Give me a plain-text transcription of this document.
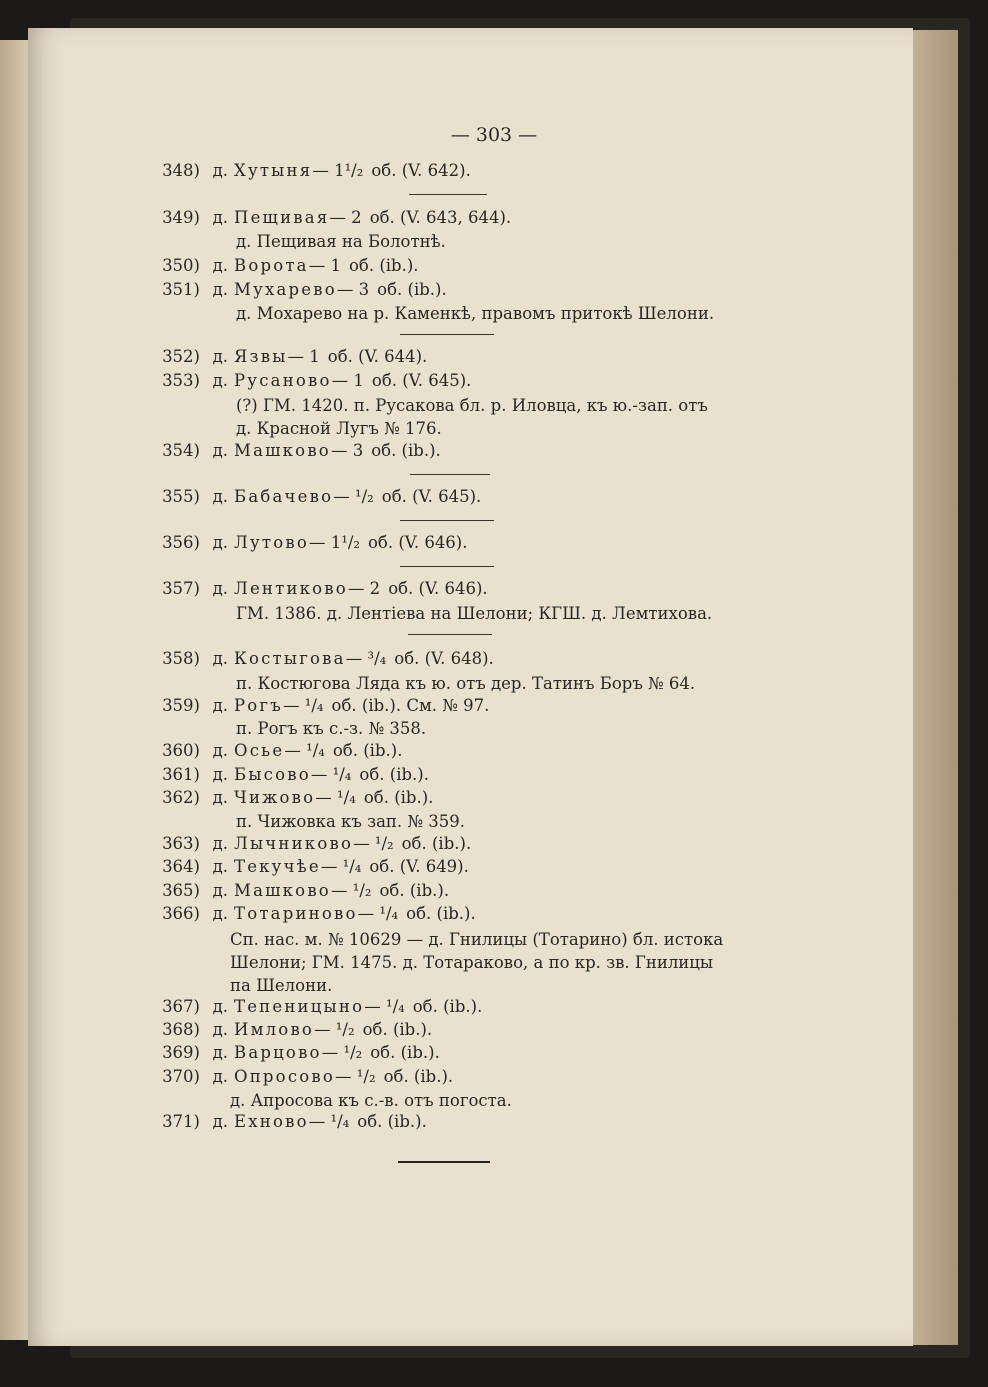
— 303 —
348) д. Хутыня— 1¹/₂ об. (V. 642).
349) д. Пещивая— 2 об. (V. 643, 644).
д. Пещивая на Болотнѣ.
350) д. Ворота— 1 об. (ib.).
351) д. Мухарево— 3 об. (ib.).
д. Мохарево на р. Каменкѣ, правомъ притокѣ Шелони.
352) д. Язвы— 1 об. (V. 644).
353) д. Русаново— 1 об. (V. 645).
(?) ГМ. 1420. п. Русакова бл. р. Иловца, къ ю.-зап. отъ
д. Красной Лугъ № 176.
354) д. Машково— 3 об. (ib.).
355) д. Бабачево— ¹/₂ об. (V. 645).
356) д. Лутово— 1¹/₂ об. (V. 646).
357) д. Лентиково— 2 об. (V. 646).
ГМ. 1386. д. Лентіева на Шелони; КГШ. д. Лемтихова.
358) д. Костыгова— ³/₄ об. (V. 648).
п. Костюгова Ляда къ ю. отъ дер. Татинъ Боръ № 64.
359) д. Рогъ— ¹/₄ об. (ib.). См. № 97.
п. Рогъ къ с.-з. № 358.
360) д. Осье— ¹/₄ об. (ib.).
361) д. Бысово— ¹/₄ об. (ib.).
362) д. Чижово— ¹/₄ об. (ib.).
п. Чижовка къ зап. № 359.
363) д. Лычниково— ¹/₂ об. (ib.).
364) д. Текучѣе— ¹/₄ об. (V. 649).
365) д. Машково— ¹/₂ об. (ib.).
366) д. Тотариново— ¹/₄ об. (ib.).
Сп. нас. м. № 10629 — д. Гнилицы (Тотарино) бл. истока
Шелони; ГМ. 1475. д. Тотараково, а по кр. зв. Гнилицы
па Шелони.
367) д. Тепеницыно— ¹/₄ об. (ib.).
368) д. Имлово— ¹/₂ об. (ib.).
369) д. Варцово— ¹/₂ об. (ib.).
370) д. Опросово— ¹/₂ об. (ib.).
д. Апросова къ с.-в. отъ погоста.
371) д. Ехново— ¹/₄ об. (ib.).
